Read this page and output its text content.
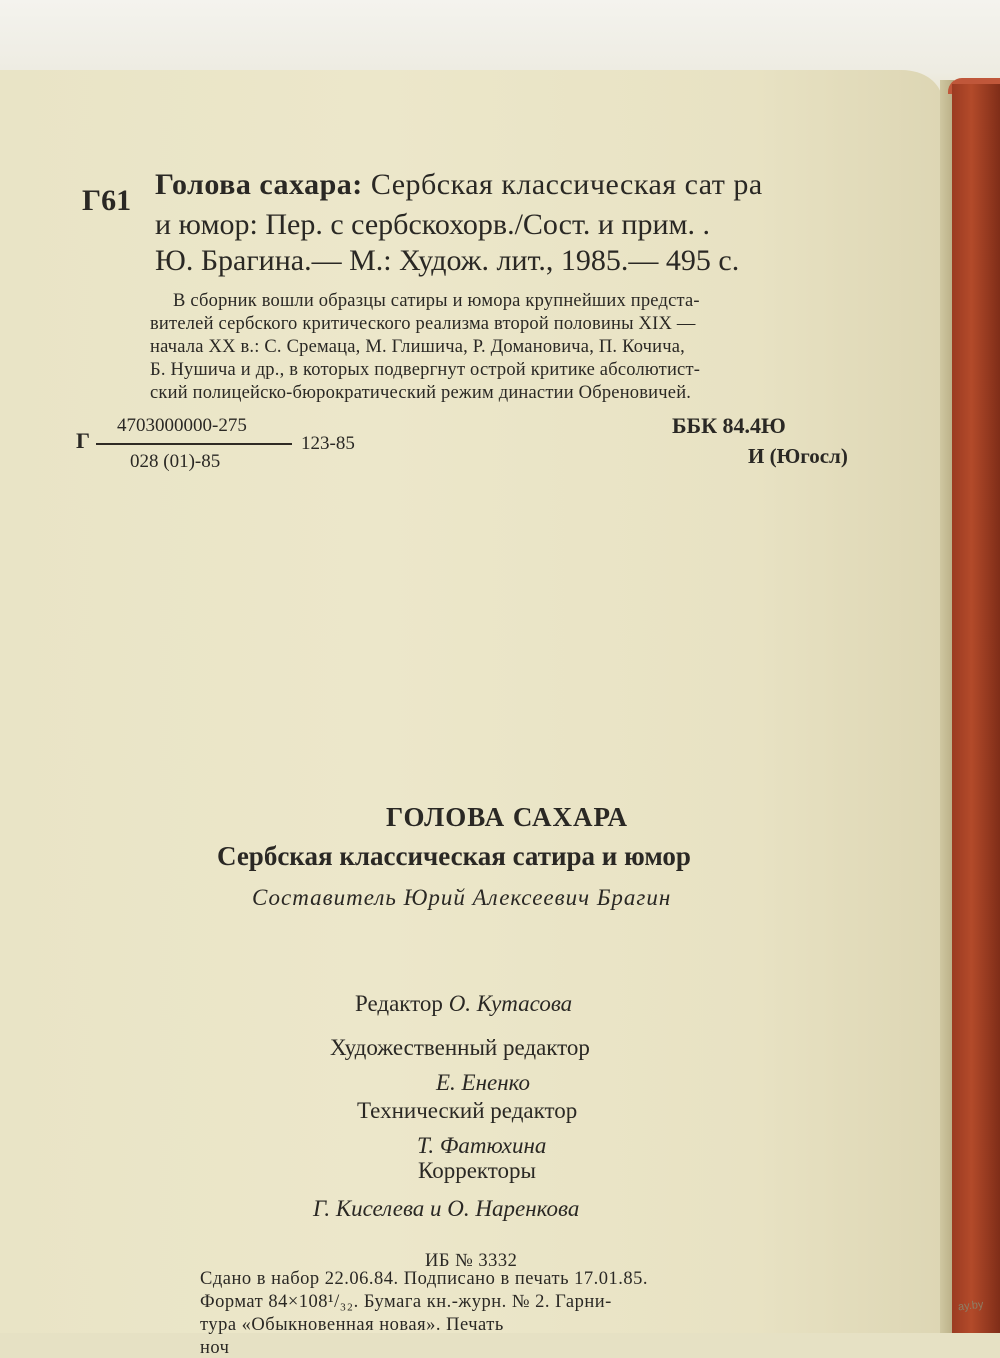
Г61 Голова сахара: Сербская классическая сат ра
и юмор: Пер. с сербскохорв./Сост. и прим. .
Ю. Брагина.— М.: Худож. лит., 1985.— 495 с.
В сборник вошли образцы сатиры и юмора крупнейших предста-
вителей сербского критического реализма второй половины XIX —
начала XX в.: С. Сремаца, М. Глишича, Р. Домановича, П. Кочича,
Б. Нушича и др., в которых подвергнут острой критике абсолютист-
ский полицейско-бюрократический режим династии Обреновичей.
Г
4703000000-275
028 (01)-85
123-85
ББК 84.4Ю
И (Югосл)
ГОЛОВА САХАРА
Сербская классическая сатира и юмор
Составитель Юрий Алексеевич Брагин
Редактор О. Кутасова
Художественный редактор
Е. Ененко
Технический редактор
Т. Фатюхина
Корректоры
Г. Киселева и О. Наренкова
ИБ № 3332
Сдано в набор 22.06.84. Подписано в печать 17.01.85.
Формат 84×108¹/₃₂. Бумага кн.-журн. № 2. Гарни-
тура «Обыкновенная новая». Печать
ноч
ay.by
